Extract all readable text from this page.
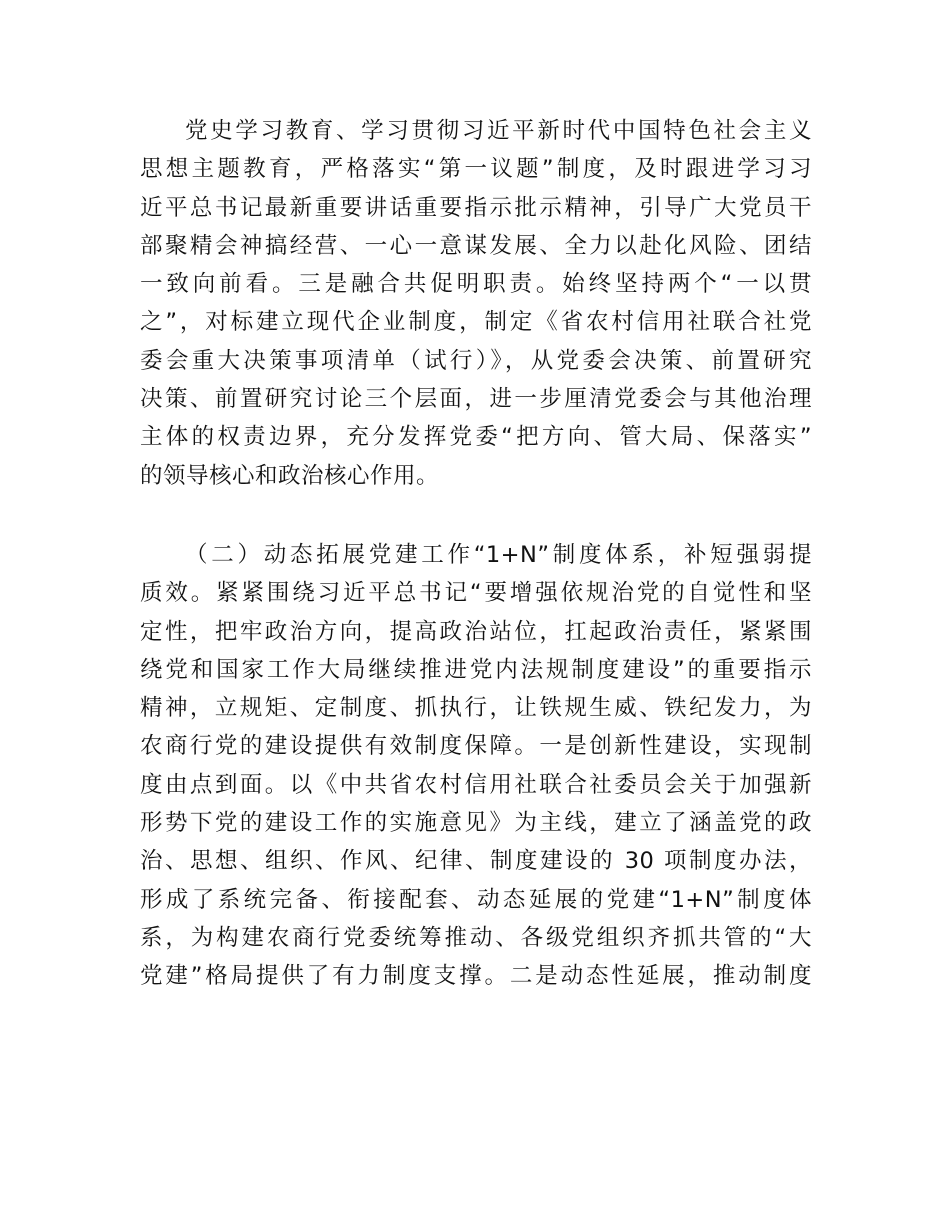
党史学习教育、学习贯彻习近平新时代中国特色社会主义
思想主题教育，严格落实“第一议题”制度，及时跟进学习习
近平总书记最新重要讲话重要指示批示精神，引导广大党员干
部聚精会神搞经营、一心一意谋发展、全力以赴化风险、团结
一致向前看。三是融合共促明职责。始终坚持两个“一以贯
之”，对标建立现代企业制度，制定《省农村信用社联合社党
委会重大决策事项清单（试行）》，从党委会决策、前置研究
决策、前置研究讨论三个层面，进一步厘清党委会与其他治理
主体的权责边界，充分发挥党委“把方向、管大局、保落实”
的领导核心和政治核心作用。
（二）动态拓展党建工作“1+N”制度体系，补短强弱提
质效。紧紧围绕习近平总书记“要增强依规治党的自觉性和坚
定性，把牢政治方向，提高政治站位，扛起政治责任，紧紧围
绕党和国家工作大局继续推进党内法规制度建设”的重要指示
精神，立规矩、定制度、抓执行，让铁规生威、铁纪发力，为
农商行党的建设提供有效制度保障。一是创新性建设，实现制
度由点到面。以《中共省农村信用社联合社委员会关于加强新
形势下党的建设工作的实施意见》为主线，建立了涵盖党的政
治、思想、组织、作风、纪律、制度建设的 30 项制度办法，
形成了系统完备、衔接配套、动态延展的党建“1+N”制度体
系，为构建农商行党委统筹推动、各级党组织齐抓共管的“大
党建”格局提供了有力制度支撑。二是动态性延展，推动制度
